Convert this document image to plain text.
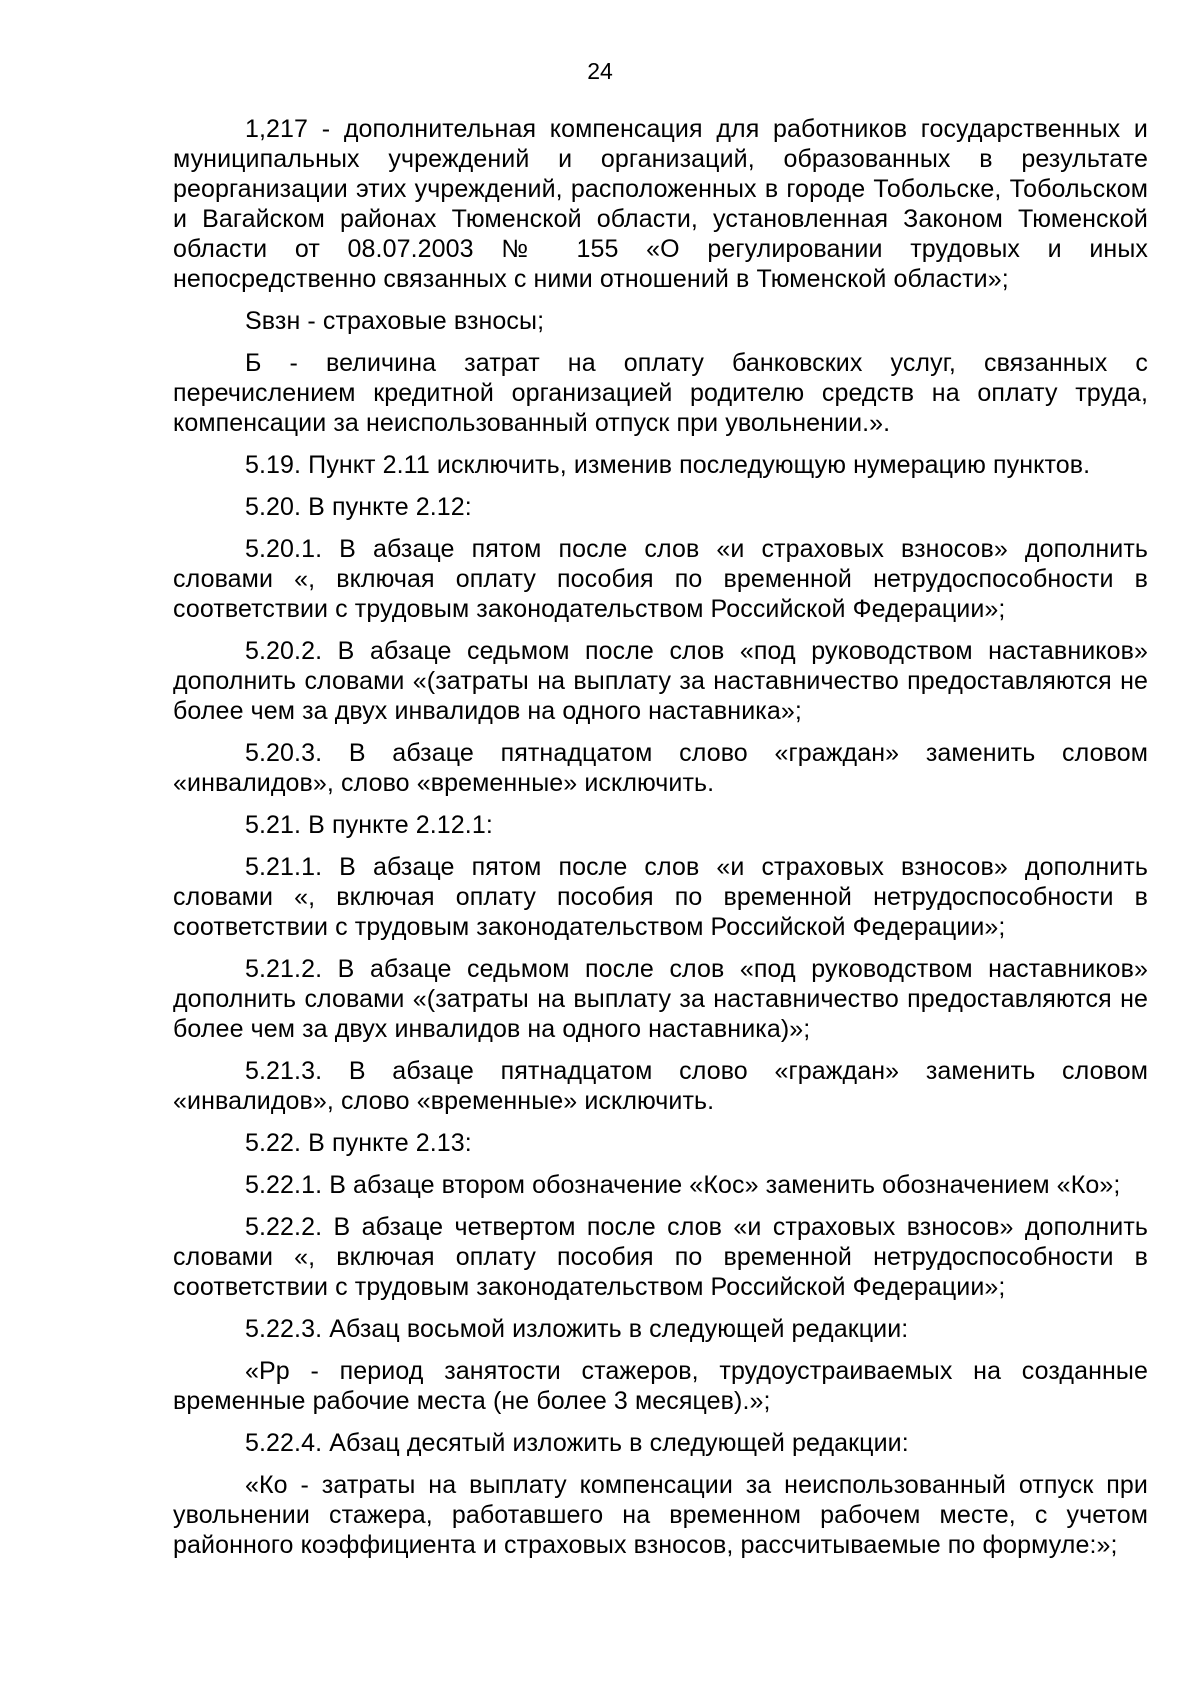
24

1,217 - дополнительная компенсация для работников государственных и муниципальных учреждений и организаций, образованных в результате реорганизации этих учреждений, расположенных в городе Тобольске, Тобольском и Вагайском районах Тюменской области, установленная Законом Тюменской области от 08.07.2003 № 155 «О регулировании трудовых и иных непосредственно связанных с ними отношений в Тюменской области»;

Sвзн - страховые взносы;

Б - величина затрат на оплату банковских услуг, связанных с перечислением кредитной организацией родителю средств на оплату труда, компенсации за неиспользованный отпуск при увольнении.».

5.19. Пункт 2.11 исключить, изменив последующую нумерацию пунктов.

5.20. В пункте 2.12:

5.20.1. В абзаце пятом после слов «и страховых взносов» дополнить словами «, включая оплату пособия по временной нетрудоспособности в соответствии с трудовым законодательством Российской Федерации»;

5.20.2. В абзаце седьмом после слов «под руководством наставников» дополнить словами «(затраты на выплату за наставничество предоставляются не более чем за двух инвалидов на одного наставника»;

5.20.3. В абзаце пятнадцатом слово «граждан» заменить словом «инвалидов», слово «временные» исключить.

5.21. В пункте 2.12.1:

5.21.1. В абзаце пятом после слов «и страховых взносов» дополнить словами «, включая оплату пособия по временной нетрудоспособности в соответствии с трудовым законодательством Российской Федерации»;

5.21.2. В абзаце седьмом после слов «под руководством наставников» дополнить словами «(затраты на выплату за наставничество предоставляются не более чем за двух инвалидов на одного наставника)»;

5.21.3. В абзаце пятнадцатом слово «граждан» заменить словом «инвалидов», слово «временные» исключить.

5.22. В пункте 2.13:

5.22.1. В абзаце втором обозначение «Кос» заменить обозначением «Ко»;

5.22.2. В абзаце четвертом после слов «и страховых взносов» дополнить словами «, включая оплату пособия по временной нетрудоспособности в соответствии с трудовым законодательством Российской Федерации»;

5.22.3. Абзац восьмой изложить в следующей редакции:

«Рр - период занятости стажеров, трудоустраиваемых на созданные временные рабочие места (не более 3 месяцев).»;

5.22.4. Абзац десятый изложить в следующей редакции:

«Ко - затраты на выплату компенсации за неиспользованный отпуск при увольнении стажера, работавшего на временном рабочем месте, с учетом районного коэффициента и страховых взносов, рассчитываемые по формуле:»;
